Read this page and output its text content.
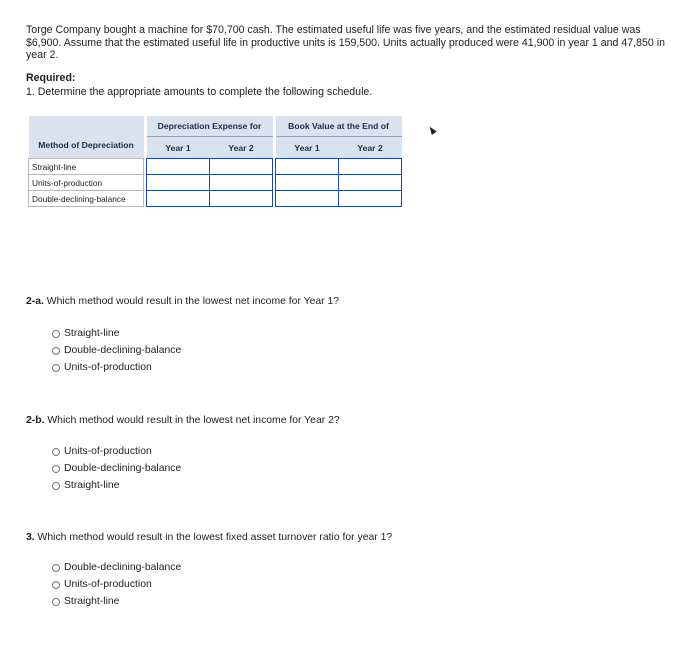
Torge Company bought a machine for $70,700 cash. The estimated useful life was five years, and the estimated residual value was $6,900. Assume that the estimated useful life in productive units is 159,500. Units actually produced were 41,900 in year 1 and 47,850 in year 2.
Required:
1. Determine the appropriate amounts to complete the following schedule.
Method of Depreciation		Depreciation Expense for			Book Value at the End of	
		Year 1	Year 2		Year 1	Year 2
Straight-line		

Units-of-production		

Double-declining-balance		

2-a. Which method would result in the lowest net income for Year 1?
Straight-line
Double-declining-balance
Units-of-production
2-b. Which method would result in the lowest net income for Year 2?
Units-of-production
Double-declining-balance
Straight-line
3. Which method would result in the lowest fixed asset turnover ratio for year 1?
Double-declining-balance
Units-of-production
Straight-line
